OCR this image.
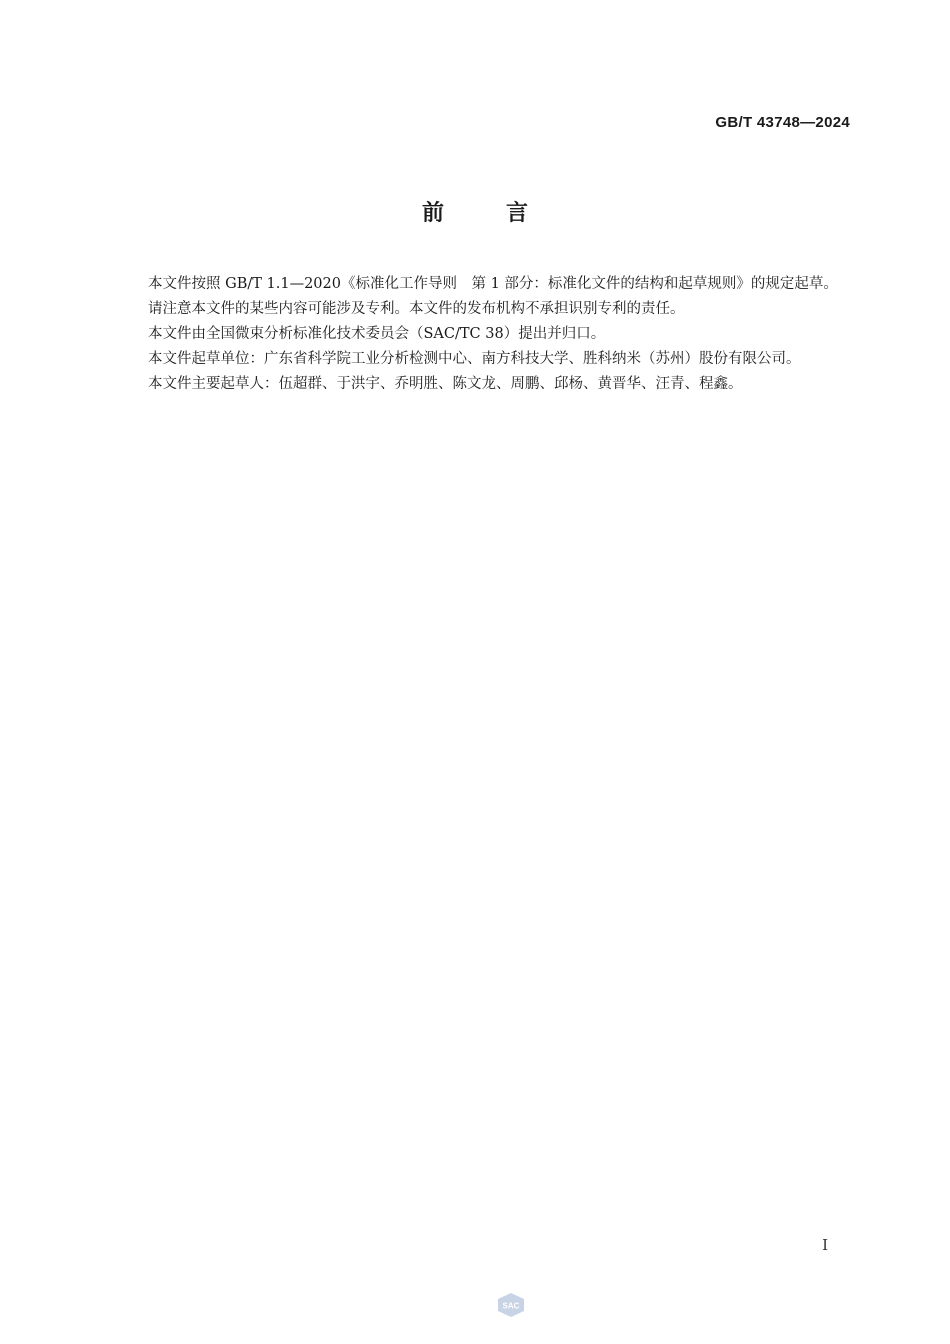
GB/T 43748—2024
前言

本文件按照 GB/T 1.1—2020《标准化工作导则　第 1 部分：标准化文件的结构和起草规则》的规定起草。

请注意本文件的某些内容可能涉及专利。本文件的发布机构不承担识别专利的责任。

本文件由全国微束分析标准化技术委员会（SAC/TC 38）提出并归口。

本文件起草单位：广东省科学院工业分析检测中心、南方科技大学、胜科纳米（苏州）股份有限公司。

本文件主要起草人：伍超群、于洪宇、乔明胜、陈文龙、周鹏、邱杨、黄晋华、汪青、程鑫。

I
SAC
